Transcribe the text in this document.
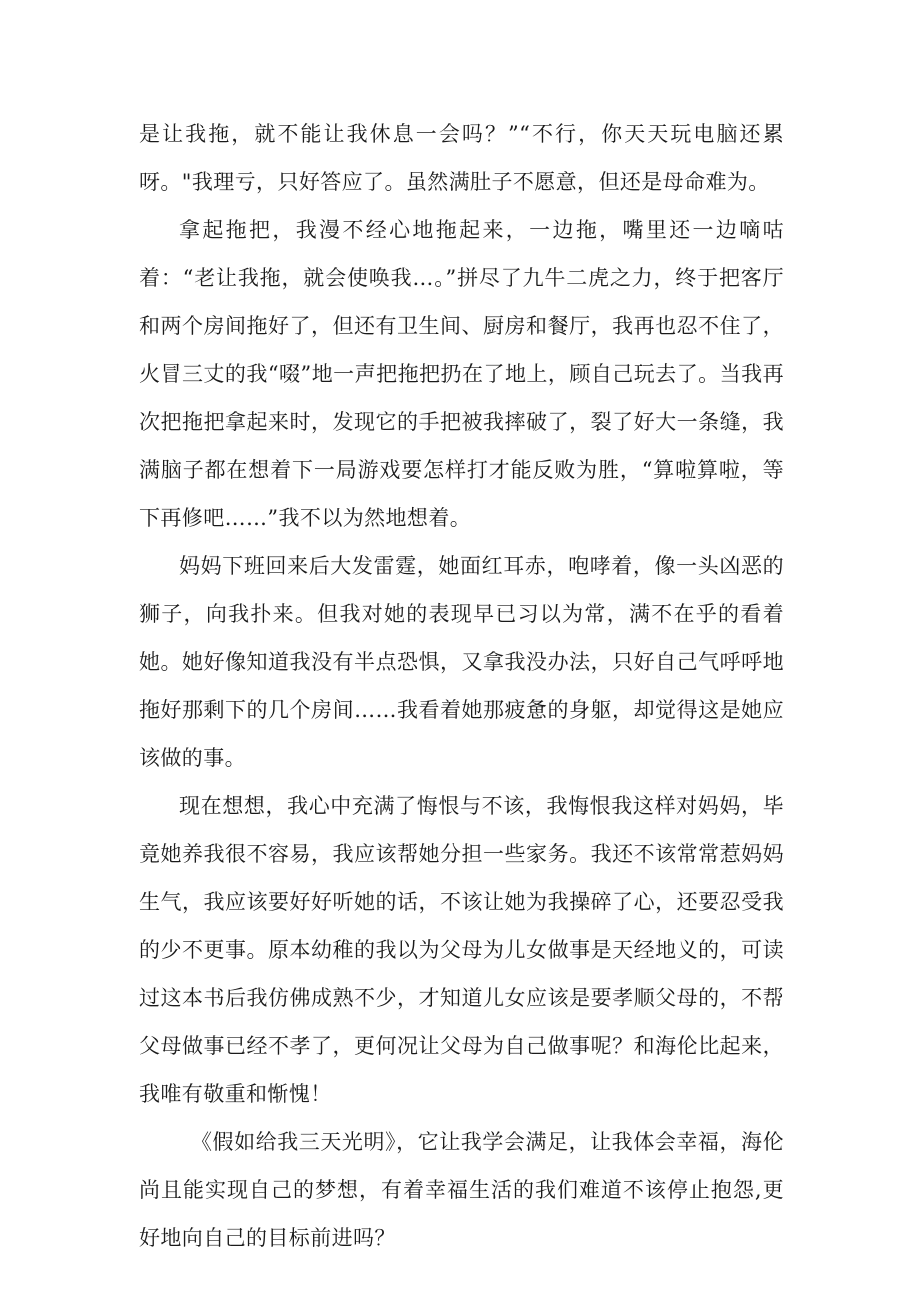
是让我拖，就不能让我休息一会吗？”“不行，你天天玩电脑还累呀。"我理亏，只好答应了。虽然满肚子不愿意，但还是母命难为。

拿起拖把，我漫不经心地拖起来，一边拖，嘴里还一边嘀咕着：“老让我拖，就会使唤我…。”拼尽了九牛二虎之力，终于把客厅和两个房间拖好了，但还有卫生间、厨房和餐厅，我再也忍不住了，火冒三丈的我“啜”地一声把拖把扔在了地上，顾自己玩去了。当我再次把拖把拿起来时，发现它的手把被我摔破了，裂了好大一条缝，我满脑子都在想着下一局游戏要怎样打才能反败为胜，“算啦算啦，等下再修吧……”我不以为然地想着。

妈妈下班回来后大发雷霆，她面红耳赤，咆哮着，像一头凶恶的狮子，向我扑来。但我对她的表现早已习以为常，满不在乎的看着她。她好像知道我没有半点恐惧，又拿我没办法，只好自己气呼呼地拖好那剩下的几个房间……我看着她那疲惫的身躯，却觉得这是她应该做的事。

现在想想，我心中充满了悔恨与不该，我悔恨我这样对妈妈，毕竟她养我很不容易，我应该帮她分担一些家务。我还不该常常惹妈妈生气，我应该要好好听她的话，不该让她为我操碎了心，还要忍受我的少不更事。原本幼稚的我以为父母为儿女做事是天经地义的，可读过这本书后我仿佛成熟不少，才知道儿女应该是要孝顺父母的，不帮父母做事已经不孝了，更何况让父母为自己做事呢？和海伦比起来，我唯有敬重和惭愧！

《假如给我三天光明》，它让我学会满足，让我体会幸福，海伦尚且能实现自己的梦想，有着幸福生活的我们难道不该停止抱怨,更好地向自己的目标前进吗？
